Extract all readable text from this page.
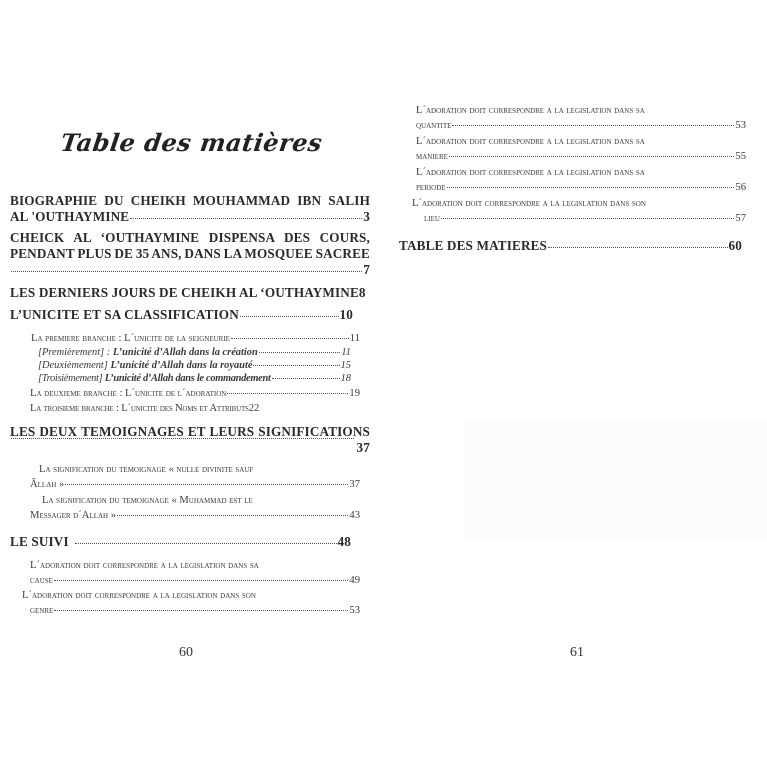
Table des matières
BIOGRAPHIE DU CHEIKH MOUHAMMAD IBN SALIH
AL 'OUTHAYMINE	3
CHEICK AL ‘OUTHAYMINE DISPENSA DES COURS,
PENDANT PLUS DE 35 ANS, DANS LA MOSQUEE SACREE
7
LES DERNIERS JOURS DE CHEIKH AL ‘OUTHAYMINE 8
L’UNICITE ET SA CLASSIFICATION	10
La premiere branche : L´unicite de la seigneurie	11
[Premièrement] : L’unicité d’Allah dans la création	11
[Deuxièmement] L’unicité d’Allah dans la royauté	15
[Troisièmement] L’unicité d’Allah dans le commandement	18
La deuxieme branche : L´unicite de l´adoration	19
La troisieme branche : L´unicite des Noms et Attributs 22
LES DEUX TEMOIGNAGES ET LEURS SIGNIFICATIONS
37
La signification du temoignage « nulle divinite sauf
Âllah »	37
La signification du temoignage « Muhammad est le
Messager d´Allah »	43
LE SUIVI	48
L´adoration doit correspondre a la legislation dans sa
cause	49
L´adoration doit correspondre a la legislation dans son
genre	53
60
L´adoration doit correspondre a la legislation dans sa
quantite	53
L´adoration doit correspondre a la legislation dans sa
maniere	55
L´adoration doit correspondre a la legislation dans sa
periode	56
L´adoration doit correspondre a la legislation dans son
lieu	57
TABLE DES MATIERES	60
61
